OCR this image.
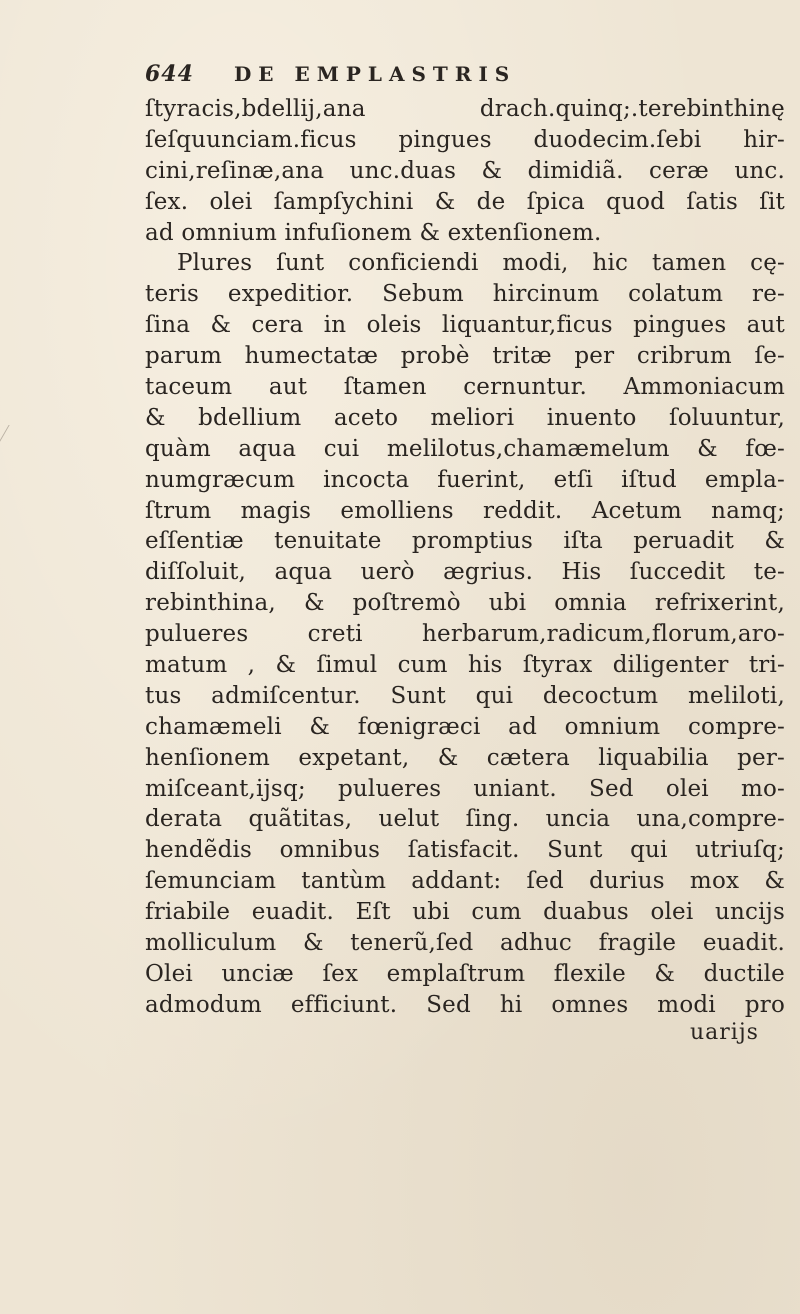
644 DE EMPLASTRIS
ſtyracis,bdellij,ana drach.quinq;.terebinthinę
ſeſquunciam.ficus pingues duodecim.ſebi hir-
cini,reſinæ,ana unc.duas & dimidiã. ceræ unc.
ſex. olei ſampſychini & de ſpica quod ſatis ſit
ad omnium infuſionem & extenſionem.
Plures ſunt conficiendi modi, hic tamen cę-
teris expeditior. Sebum hircinum colatum re-
ſina & cera in oleis liquantur,ficus pingues aut
parum humectatæ probè tritæ per cribrum ſe-
taceum aut ſtamen cernuntur. Ammoniacum
& bdellium aceto meliori inuento ſoluuntur,
quàm aqua cui melilotus,chamæmelum & fœ-
numgræcum incocta fuerint, etſi iſtud empla-
ſtrum magis emolliens reddit. Acetum namq;
eſſentiæ tenuitate promptius iſta peruadit &
diſſoluit, aqua uerò ægrius. His ſuccedit te-
rebinthina, & poſtremò ubi omnia refrixerint,
pulueres creti herbarum,radicum,florum,aro-
matum , & ſimul cum his ſtyrax diligenter tri-
tus admiſcentur. Sunt qui decoctum meliloti,
chamæmeli & fœnigræci ad omnium compre-
henſionem expetant, & cætera liquabilia per-
miſceant,ijsq; pulueres uniant. Sed olei mo-
derata quãtitas, uelut ſing. uncia una,compre-
hendẽdis omnibus ſatisfacit. Sunt qui utriuſq;
ſemunciam tantùm addant: ſed durius mox &
friabile euadit. Eſt ubi cum duabus olei uncijs
molliculum & tenerũ,ſed adhuc fragile euadit.
Olei unciæ ſex emplaſtrum flexile & ductile
admodum efficiunt. Sed hi omnes modi pro
uarijs
